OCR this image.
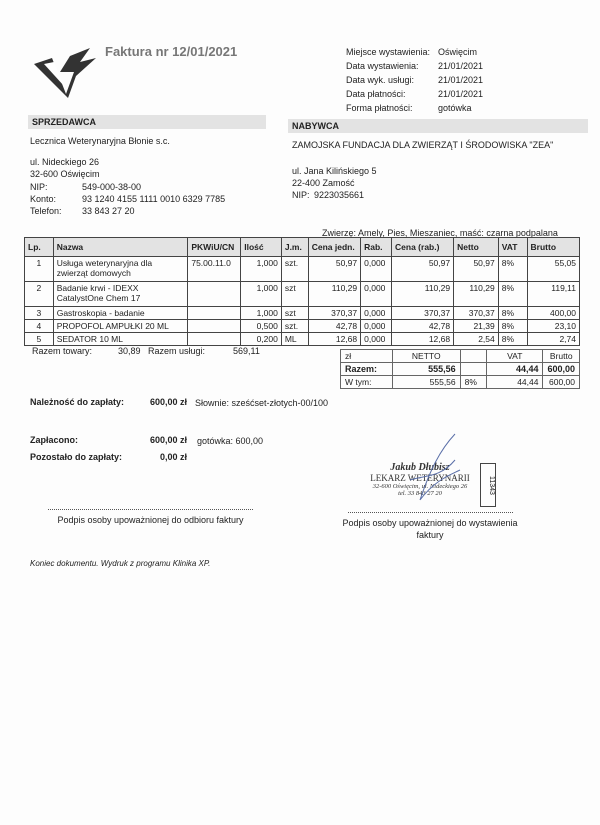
Faktura nr 12/01/2021	Miejsce wystawienia: Oświęcim
Data wystawienia:	21/01/2021
Data wyk. usługi:	21/01/2021
Data płatności:	21/01/2021
Forma płatności:	gotówka
SPRZEDAWCA
Lecznica Weterynaryjna Błonie s.c.
ul. Nideckiego 26
32-600 Oświęcim
NIP:	549-000-38-00
Konto:	93 1240 4155 1111 0010 6329 7785
Telefon: 33 843 27 20
NABYWCA
ZAMOJSKA FUNDACJA DLA ZWIERZĄT I ŚRODOWISKA "ZEA"
ul. Jana Kilińskiego 5
22-400 Zamość
NIP: 9223035661
Zwierzę: Amely, Pies, Mieszaniec, maść: czarna podpalana
Lp.	Nazwa	PKWiU/CN	Ilość	J.m.	Cena jedn.	Rab.	Cena (rab.)	Netto	VAT	Brutto
1	Usługa weterynaryjna dla zwierząt domowych	75.00.11.0	1,000	szt.	50,97	0,000	50,97	50,97	8%	55,05
2	Badanie krwi - IDEXX CatalystOne Chem 17		1,000	szt	110,29	0,000	110,29	110,29	8%	119,11
3	Gastroskopia - badanie		1,000	szt	370,37	0,000	370,37	370,37	8%	400,00
4	PROPOFOL AMPUŁKI 20 ML		0,500	szt.	42,78	0,000	42,78	21,39	8%	23,10
5	SEDATOR 10 ML		0,200	ML	12,68	0,000	12,68	2,54	8%	2,74
Razem towary:	30,89 Razem usługi:	569,11	zł	NETTO		VAT	Brutto
Razem:	555,56		44,44	600,00
W tym:	555,56	8%	44,44	600,00
Należność do zapłaty:	600,00 zł Słownie: sześćset-złotych-00/100
Zapłacono:	600,00 zł gotówka: 600,00
Pozostało do zapłaty:	0,00 zł
Jakub Dłubisz
LEKARZ WETERYNARII
32-600 Oświęcim, ul. Nideckiego 26
tel. 33 843 27 20	11343
Podpis osoby upoważnionej do odbioru faktury	Podpis osoby upoważnionej do wystawienia faktury
Koniec dokumentu. Wydruk z programu Klinika XP.
